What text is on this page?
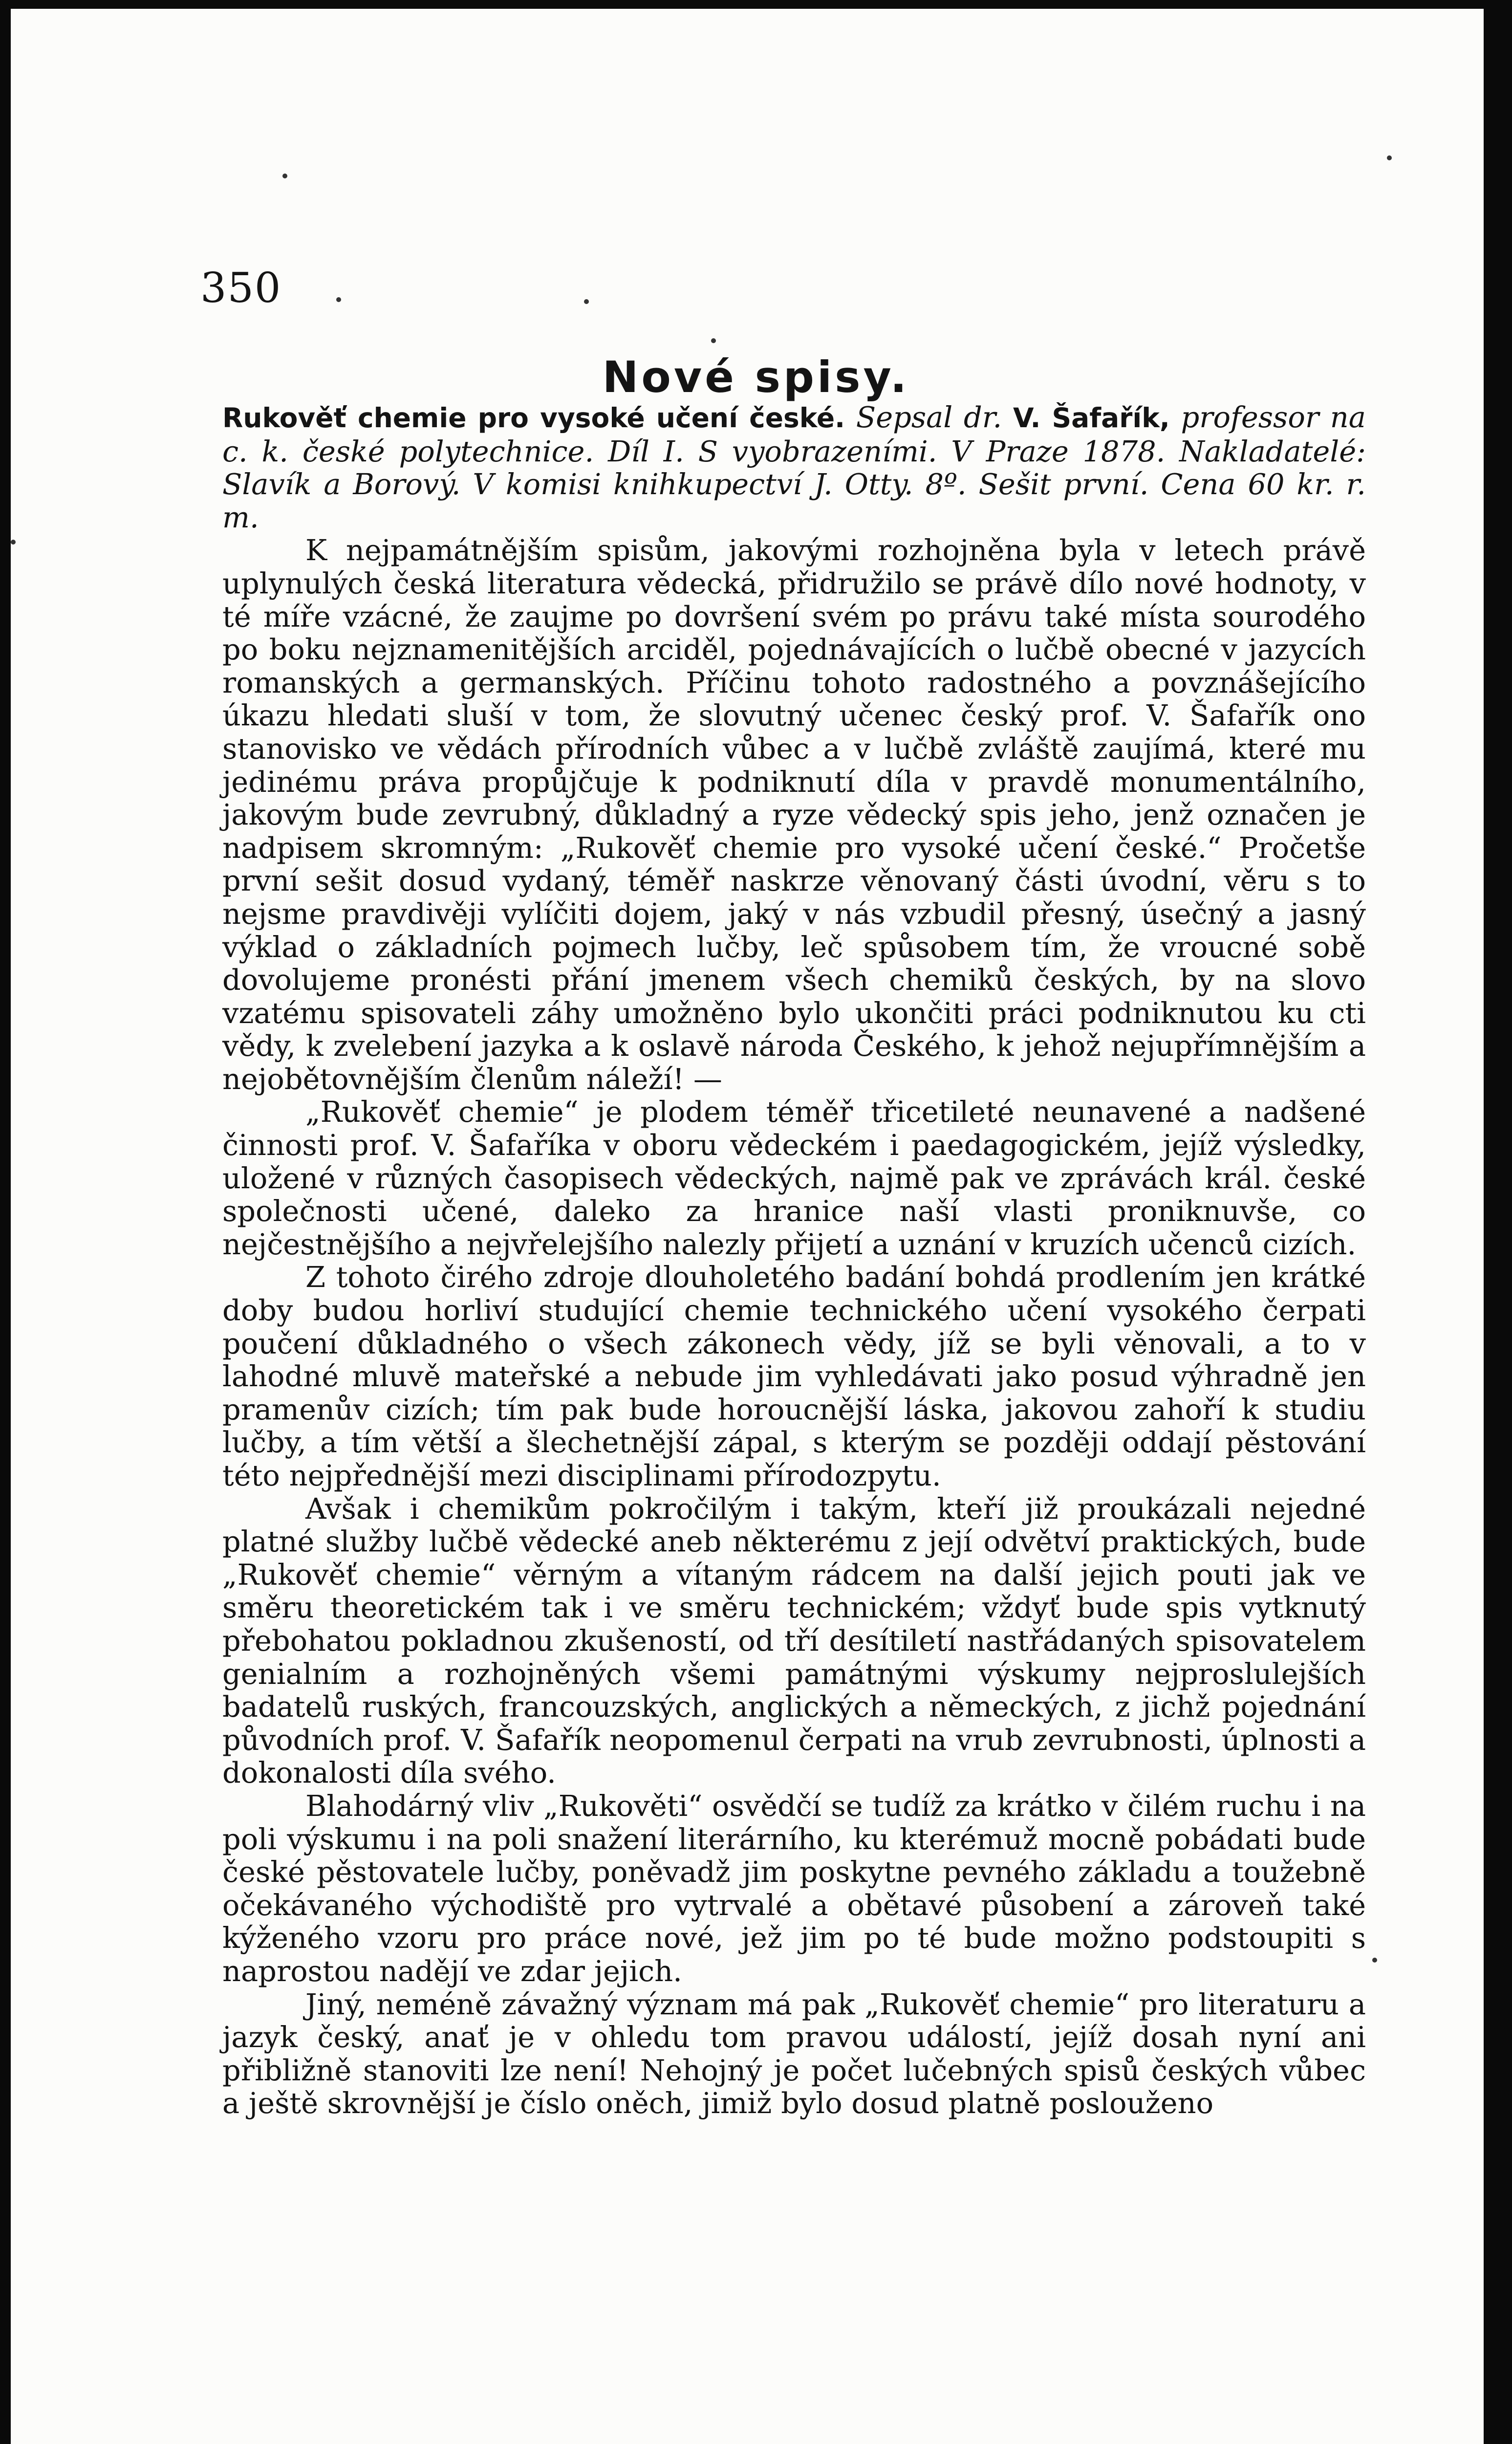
350
Nové spisy.

Rukověť chemie pro vysoké učení české. Sepsal dr. V. Šafařík, professor na c. k. české polytechnice. Díl I. S vyobrazeními. V Praze 1878. Nakladatelé: Slavík a Borový. V komisi knihkupectví J. Otty. 8º. Sešit první. Cena 60 kr. r. m.

K nejpamátnějším spisům, jakovými rozhojněna byla v letech právě uplynulých česká literatura vědecká, přidružilo se právě dílo nové hodnoty, v té míře vzácné, že zaujme po dovršení svém po právu také místa sourodého po boku nejznamenitějších arciděl, pojednávajících o lučbě obecné v jazycích romanských a germanských. Příčinu tohoto radostného a povznášejícího úkazu hledati sluší v tom, že slovutný učenec český prof. V. Šafařík ono stanovisko ve vědách přírodních vůbec a v lučbě zvláště zaujímá, které mu jedinému práva propůjčuje k podniknutí díla v pravdě monumentálního, jakovým bude zevrubný, důkladný a ryze vědecký spis jeho, jenž označen je nadpisem skromným: „Rukověť chemie pro vysoké učení české.“ Pročetše první sešit dosud vydaný, téměř naskrze věnovaný části úvodní, věru s to nejsme pravdivěji vylíčiti dojem, jaký v nás vzbudil přesný, úsečný a jasný výklad o základních pojmech lučby, leč spůsobem tím, že vroucné sobě dovolujeme pronésti přání jmenem všech chemiků českých, by na slovo vzatému spisovateli záhy umožněno bylo ukončiti práci podniknutou ku cti vědy, k zvelebení jazyka a k oslavě národa Českého, k jehož nejupřímnějším a nejobětovnějším členům náleží! —

„Rukověť chemie“ je plodem téměř třicetileté neunavené a nadšené činnosti prof. V. Šafaříka v oboru vědeckém i paedagogickém, jejíž výsledky, uložené v různých časopisech vědeckých, najmě pak ve zprávách král. české společnosti učené, daleko za hranice naší vlasti proniknuvše, co nejčestnějšího a nejvřelejšího nalezly přijetí a uznání v kruzích učenců cizích.

Z tohoto čirého zdroje dlouholetého badání bohdá prodlením jen krátké doby budou horliví studující chemie technického učení vysokého čerpati poučení důkladného o všech zákonech vědy, jíž se byli věnovali, a to v lahodné mluvě mateřské a nebude jim vyhledávati jako posud výhradně jen pramenův cizích; tím pak bude horoucnější láska, jakovou zahoří k studiu lučby, a tím větší a šlechetnější zápal, s kterým se později oddají pěstování této nejpřednější mezi disciplinami přírodozpytu.

Avšak i chemikům pokročilým i takým, kteří již proukázali nejedné platné služby lučbě vědecké aneb některému z její odvětví praktických, bude „Rukověť chemie“ věrným a vítaným rádcem na další jejich pouti jak ve směru theoretickém tak i ve směru technickém; vždyť bude spis vytknutý přebohatou pokladnou zkušeností, od tří desítiletí nastřádaných spisovatelem genialním a rozhojněných všemi památnými výskumy nejproslulejších badatelů ruských, francouzských, anglických a německých, z jichž pojednání původních prof. V. Šafařík neopomenul čerpati na vrub zevrubnosti, úplnosti a dokonalosti díla svého.

Blahodárný vliv „Rukověti“ osvědčí se tudíž za krátko v čilém ruchu i na poli výskumu i na poli snažení literárního, ku kterémuž mocně pobádati bude české pěstovatele lučby, poněvadž jim poskytne pevného základu a toužebně očekávaného východiště pro vytrvalé a obětavé působení a zároveň také kýženého vzoru pro práce nové, jež jim po té bude možno podstoupiti s naprostou nadějí ve zdar jejich.

Jiný, neméně závažný význam má pak „Rukověť chemie“ pro literaturu a jazyk český, anať je v ohledu tom pravou událostí, jejíž dosah nyní ani přibližně stanoviti lze není! Nehojný je počet lučebných spisů českých vůbec a ještě skrovnější je číslo oněch, jimiž bylo dosud platně poslouženo
